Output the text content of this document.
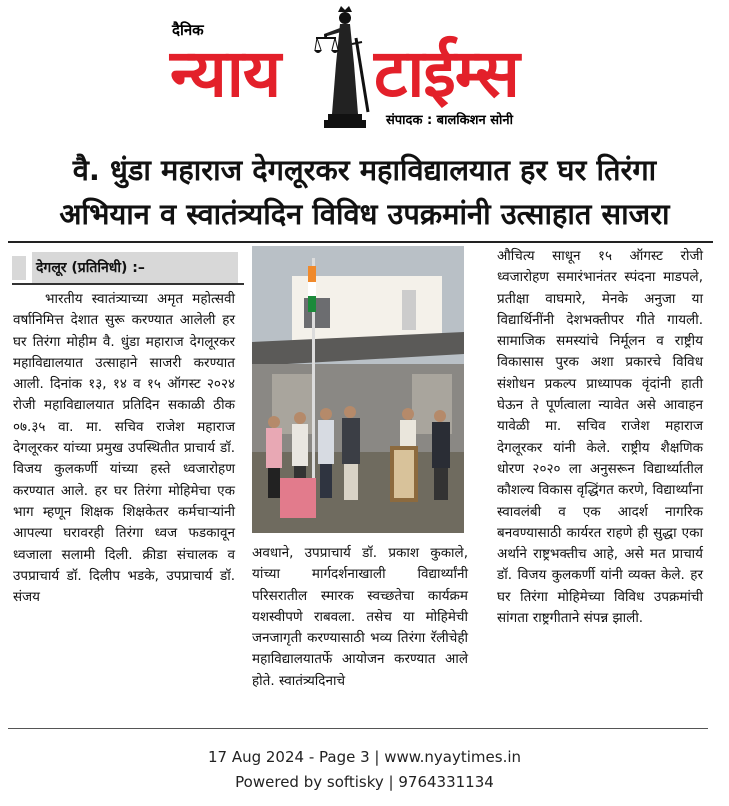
दैनिक
न्याय टाईम्स
संपादक : बालकिशन सोनी
वै. धुंडा महाराज देगलूरकर महाविद्यालयात हर घर तिरंगा
अभियान व स्वातंत्र्यदिन विविध उपक्रमांनी उत्साहात साजरा
देगलूर (प्रतिनिधी) :–
भारतीय स्वातंत्र्याच्या अमृत महोत्सवी वर्षानिमित्त देशात सुरू करण्यात आलेली हर घर तिरंगा मोहीम वै. धुंडा महाराज देगलूरकर महाविद्यालयात उत्साहाने साजरी करण्यात आली. दिनांक १३, १४ व १५ ऑगस्ट २०२४ रोजी महाविद्यालयात प्रतिदिन सकाळी ठीक ०७.३५ वा. मा. सचिव राजेश महाराज देगलूरकर यांच्या प्रमुख उपस्थितीत प्राचार्य डॉ. विजय कुलकर्णी यांच्या हस्ते ध्वजारोहण करण्यात आले. हर घर तिरंगा मोहिमेचा एक भाग म्हणून शिक्षक शिक्षकेतर कर्मचाऱ्यांनी आपल्या घरावरही तिरंगा ध्वज फडकावून ध्वजाला सलामी दिली. क्रीडा संचालक व उपप्राचार्य डॉ. दिलीप भडके, उपप्राचार्य डॉ. संजय
अवधाने, उपप्राचार्य डॉ. प्रकाश कुकाले, यांच्या मार्गदर्शनाखाली विद्यार्थ्यांनी परिसरातील स्मारक स्वच्छतेचा कार्यक्रम यशस्वीपणे राबवला. तसेच या मोहिमेची जनजागृती करण्यासाठी भव्य तिरंगा रॅलीचेही महाविद्यालयातर्फे आयोजन करण्यात आले होते. स्वातंत्र्यदिनाचे
औचित्य साधून १५ ऑगस्ट रोजी ध्वजारोहण समारंभानंतर स्पंदना माडपले, प्रतीक्षा वाघमारे, मेनके अनुजा या विद्यार्थिनींनी देशभक्तीपर गीते गायली. सामाजिक समस्यांचे निर्मूलन व राष्ट्रीय विकासास पुरक अशा प्रकारचे विविध संशोधन प्रकल्प प्राध्यापक वृंदांनी हाती घेऊन ते पूर्णत्वाला न्यावेत असे आवाहन यावेळी मा. सचिव राजेश महाराज देगलूरकर यांनी केले. राष्ट्रीय शैक्षणिक धोरण २०२० ला अनुसरून विद्यार्थ्यातील कौशल्य विकास वृद्धिंगत करणे, विद्यार्थ्यांना स्वावलंबी व एक आदर्श नागरिक बनवण्यासाठी कार्यरत राहणे ही सुद्धा एका अर्थाने राष्ट्रभक्तीच आहे, असे मत प्राचार्य डॉ. विजय कुलकर्णी यांनी व्यक्त केले. हर घर तिरंगा मोहिमेच्या विविध उपक्रमांची सांगता राष्ट्रगीताने संपन्न झाली.
17 Aug 2024 - Page 3 | www.nyaytimes.in
Powered by softisky | 9764331134
